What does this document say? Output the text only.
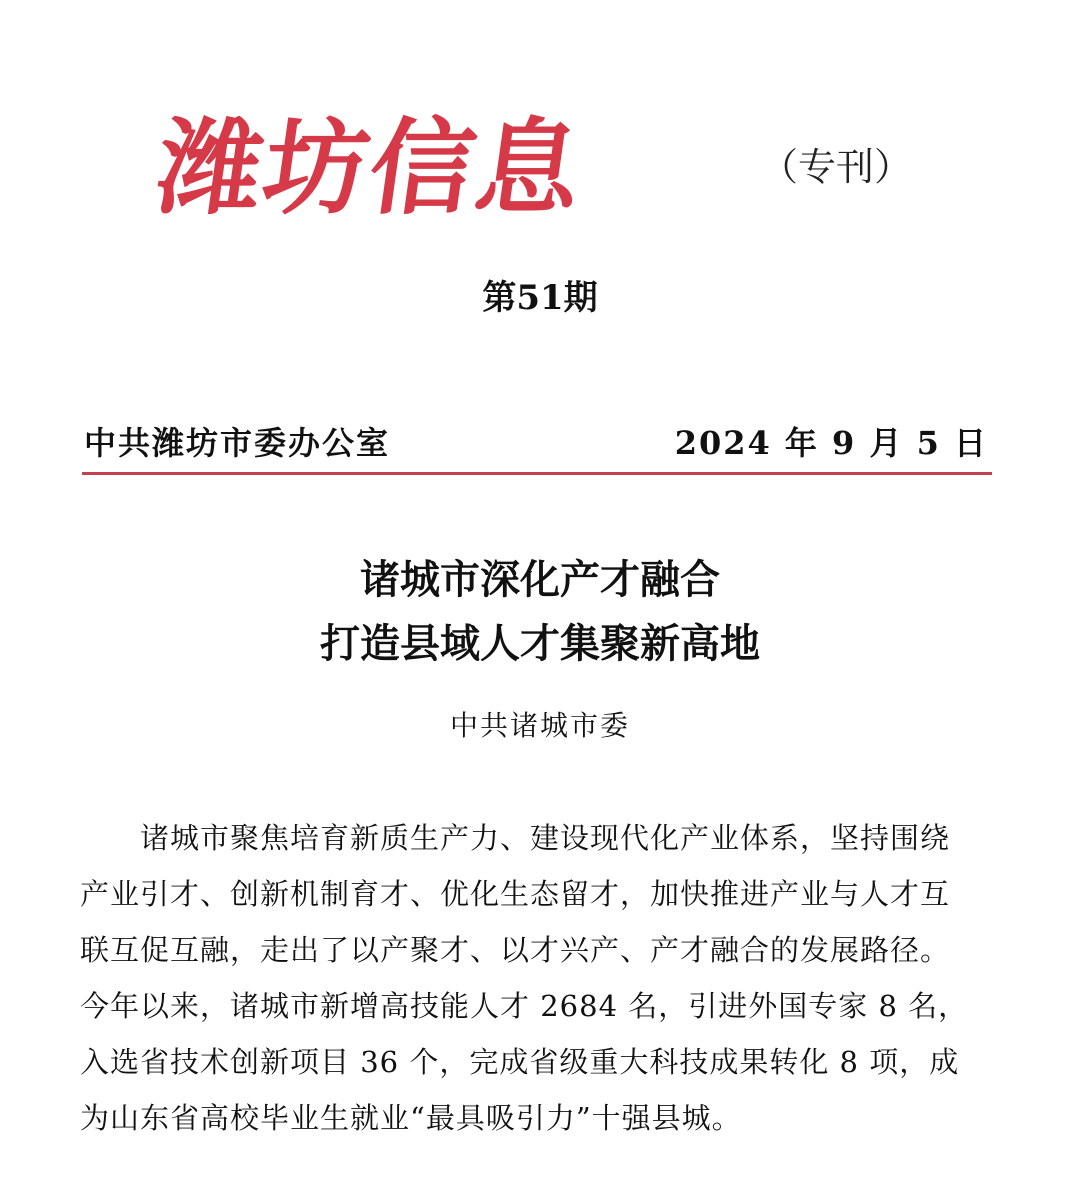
潍坊信息	（专刊）
第51期
中共潍坊市委办公室	2024 年 9 月 5 日
诸城市深化产才融合
打造县域人才集聚新高地
中共诸城市委
　　诸城市聚焦培育新质生产力、建设现代化产业体系，坚持围绕
产业引才、创新机制育才、优化生态留才，加快推进产业与人才互
联互促互融，走出了以产聚才、以才兴产、产才融合的发展路径。
今年以来，诸城市新增高技能人才 2684 名，引进外国专家 8 名，
入选省技术创新项目 36 个，完成省级重大科技成果转化 8 项，成
为山东省高校毕业生就业“最具吸引力”十强县城。
